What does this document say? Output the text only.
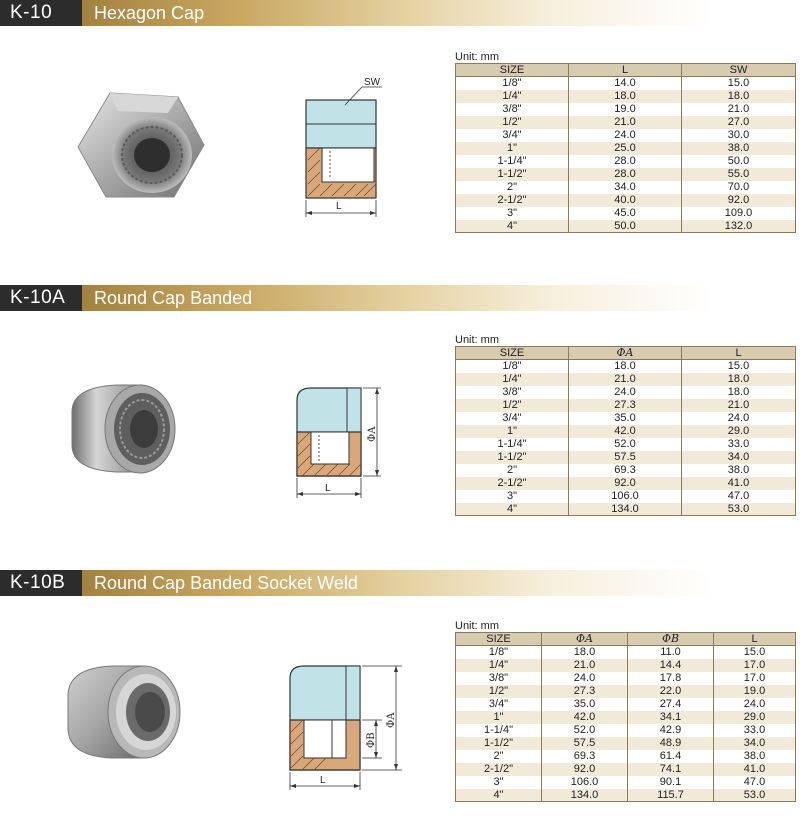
K-10	Hexagon Cap
L
SW
Unit: mm
SIZE	L	SW
1/8"	14.0	15.0
1/4"	18.0	18.0
3/8"	19.0	21.0
1/2"	21.0	27.0
3/4"	24.0	30.0
1"	25.0	38.0
1-1/4"	28.0	50.0
1-1/2"	28.0	55.0
2"	34.0	70.0
2-1/2"	40.0	92.0
3"	45.0	109.0
4"	50.0	132.0
K-10A	Round Cap Banded
ΦA
L
Unit: mm
SIZE	ΦA	L
1/8"	18.0	15.0
1/4"	21.0	18.0
3/8"	24.0	18.0
1/2"	27.3	21.0
3/4"	35.0	24.0
1"	42.0	29.0
1-1/4"	52.0	33.0
1-1/2"	57.5	34.0
2"	69.3	38.0
2-1/2"	92.0	41.0
3"	106.0	47.0
4"	134.0	53.0
K-10B	Round Cap Banded Socket Weld
ΦA
ΦB
L
Unit: mm
SIZE	ΦA	ΦB	L
1/8"	18.0	11.0	15.0
1/4"	21.0	14.4	17.0
3/8"	24.0	17.8	17.0
1/2"	27.3	22.0	19.0
3/4"	35.0	27.4	24.0
1"	42.0	34.1	29.0
1-1/4"	52.0	42.9	33.0
1-1/2"	57.5	48.9	34.0
2"	69.3	61.4	38.0
2-1/2"	92.0	74.1	41.0
3"	106.0	90.1	47.0
4"	134.0	115.7	53.0
